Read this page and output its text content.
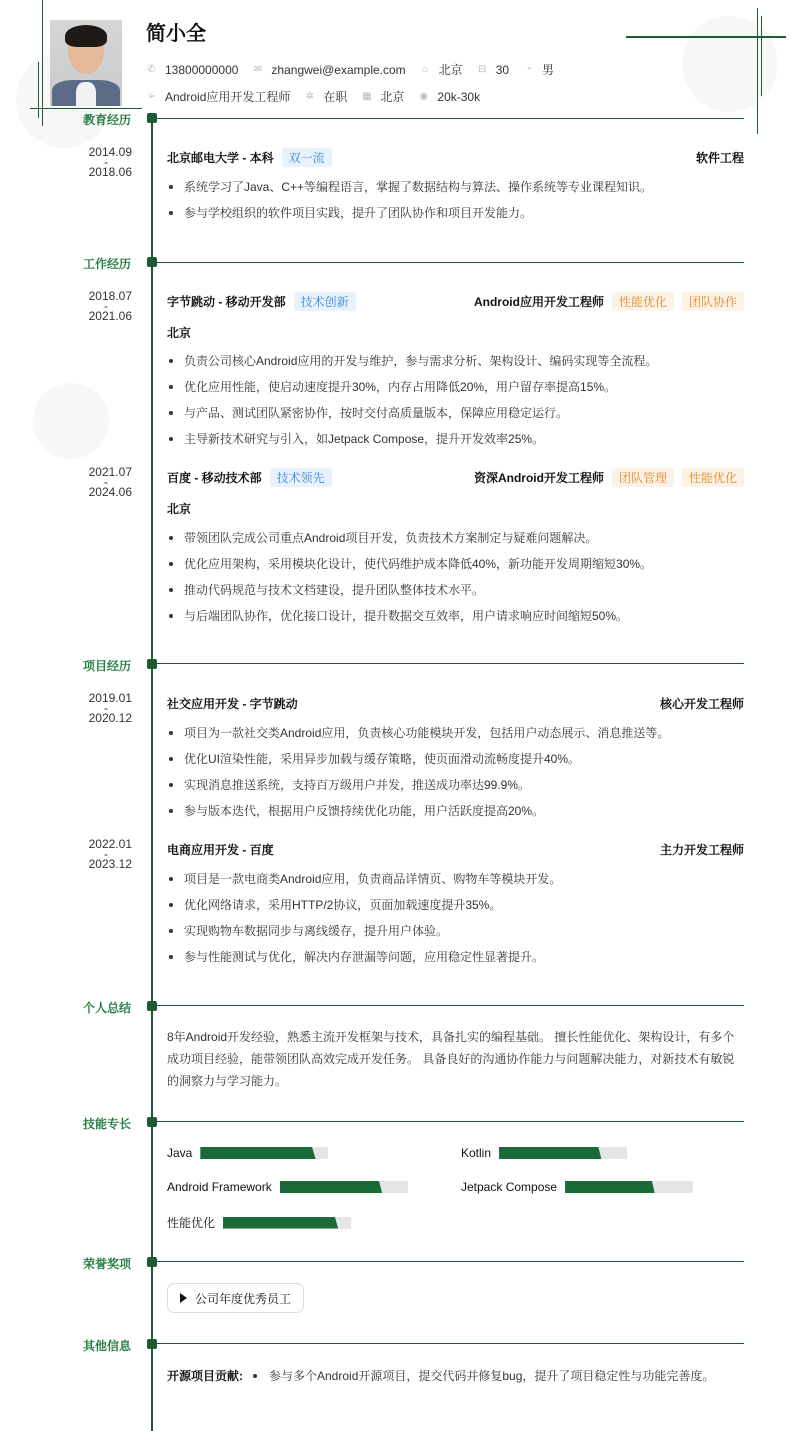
简小全
✆ 13800000000 ✉ zhangwei@example.com ⌂ 北京 ⊟ 30 ◔ 男
➢ Android应用开发工程师 ✲ 在职 ▦ 北京 ◉ 20k-30k
教育经历
2014.09
-
2018.06
北京邮电大学 - 本科	双一流	软件工程
系统学习了Java、C++等编程语言，掌握了数据结构与算法、操作系统等专业课程知识。
参与学校组织的软件项目实践，提升了团队协作和项目开发能力。
工作经历
2018.07
-
2021.06
字节跳动 - 移动开发部	技术创新	Android应用开发工程师	性能优化	团队协作
北京
负责公司核心Android应用的开发与维护，参与需求分析、架构设计、编码实现等全流程。
优化应用性能，使启动速度提升30%，内存占用降低20%，用户留存率提高15%。
与产品、测试团队紧密协作，按时交付高质量版本，保障应用稳定运行。
主导新技术研究与引入，如Jetpack Compose，提升开发效率25%。
2021.07
-
2024.06
百度 - 移动技术部	技术领先	资深Android开发工程师	团队管理	性能优化
北京
带领团队完成公司重点Android项目开发，负责技术方案制定与疑难问题解决。
优化应用架构，采用模块化设计，使代码维护成本降低40%，新功能开发周期缩短30%。
推动代码规范与技术文档建设，提升团队整体技术水平。
与后端团队协作，优化接口设计，提升数据交互效率，用户请求响应时间缩短50%。
项目经历
2019.01
-
2020.12
社交应用开发 - 字节跳动	核心开发工程师
项目为一款社交类Android应用，负责核心功能模块开发，包括用户动态展示、消息推送等。
优化UI渲染性能，采用异步加载与缓存策略，使页面滑动流畅度提升40%。
实现消息推送系统，支持百万级用户并发，推送成功率达99.9%。
参与版本迭代，根据用户反馈持续优化功能，用户活跃度提高20%。
2022.01
-
2023.12
电商应用开发 - 百度	主力开发工程师
项目是一款电商类Android应用，负责商品详情页、购物车等模块开发。
优化网络请求，采用HTTP/2协议，页面加载速度提升35%。
实现购物车数据同步与离线缓存，提升用户体验。
参与性能测试与优化，解决内存泄漏等问题，应用稳定性显著提升。
个人总结
8年Android开发经验，熟悉主流开发框架与技术，具备扎实的编程基础。 擅长性能优化、架构设计，有多个成功项目经验，能带领团队高效完成开发任务。 具备良好的沟通协作能力与问题解决能力，对新技术有敏锐的洞察力与学习能力。
技能专长
Java	Kotlin
Android Framework	Jetpack Compose
性能优化
荣誉奖项
公司年度优秀员工
其他信息
开源项目贡献: 参与多个Android开源项目，提交代码并修复bug，提升了项目稳定性与功能完善度。
